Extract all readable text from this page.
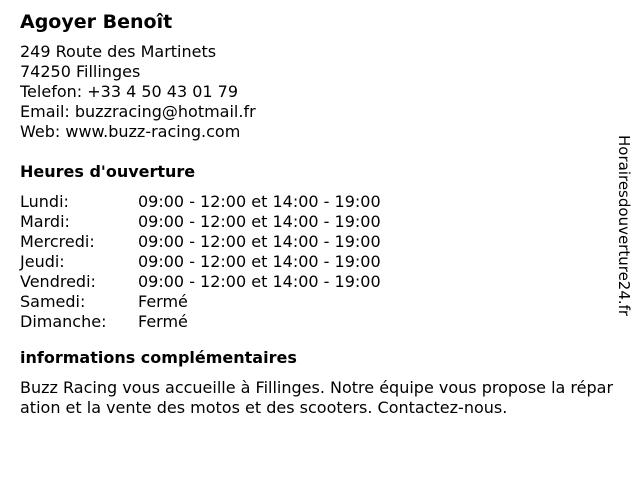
Agoyer Benoît
249 Route des Martinets
74250 Fillinges
Telefon: +33 4 50 43 01 79
Email: buzzracing@hotmail.fr
Web: www.buzz-racing.com
Heures d'ouverture
Lundi:	09:00 - 12:00 et 14:00 - 19:00
Mardi:	09:00 - 12:00 et 14:00 - 19:00
Mercredi:	09:00 - 12:00 et 14:00 - 19:00
Jeudi:	09:00 - 12:00 et 14:00 - 19:00
Vendredi:	09:00 - 12:00 et 14:00 - 19:00
Samedi:	Fermé
Dimanche:	Fermé
informations complémentaires

Buzz Racing vous accueille à Fillinges. Notre équipe vous propose la réparation et la vente des motos et des scooters. Contactez-nous.

Horairesdouverture24.fr
